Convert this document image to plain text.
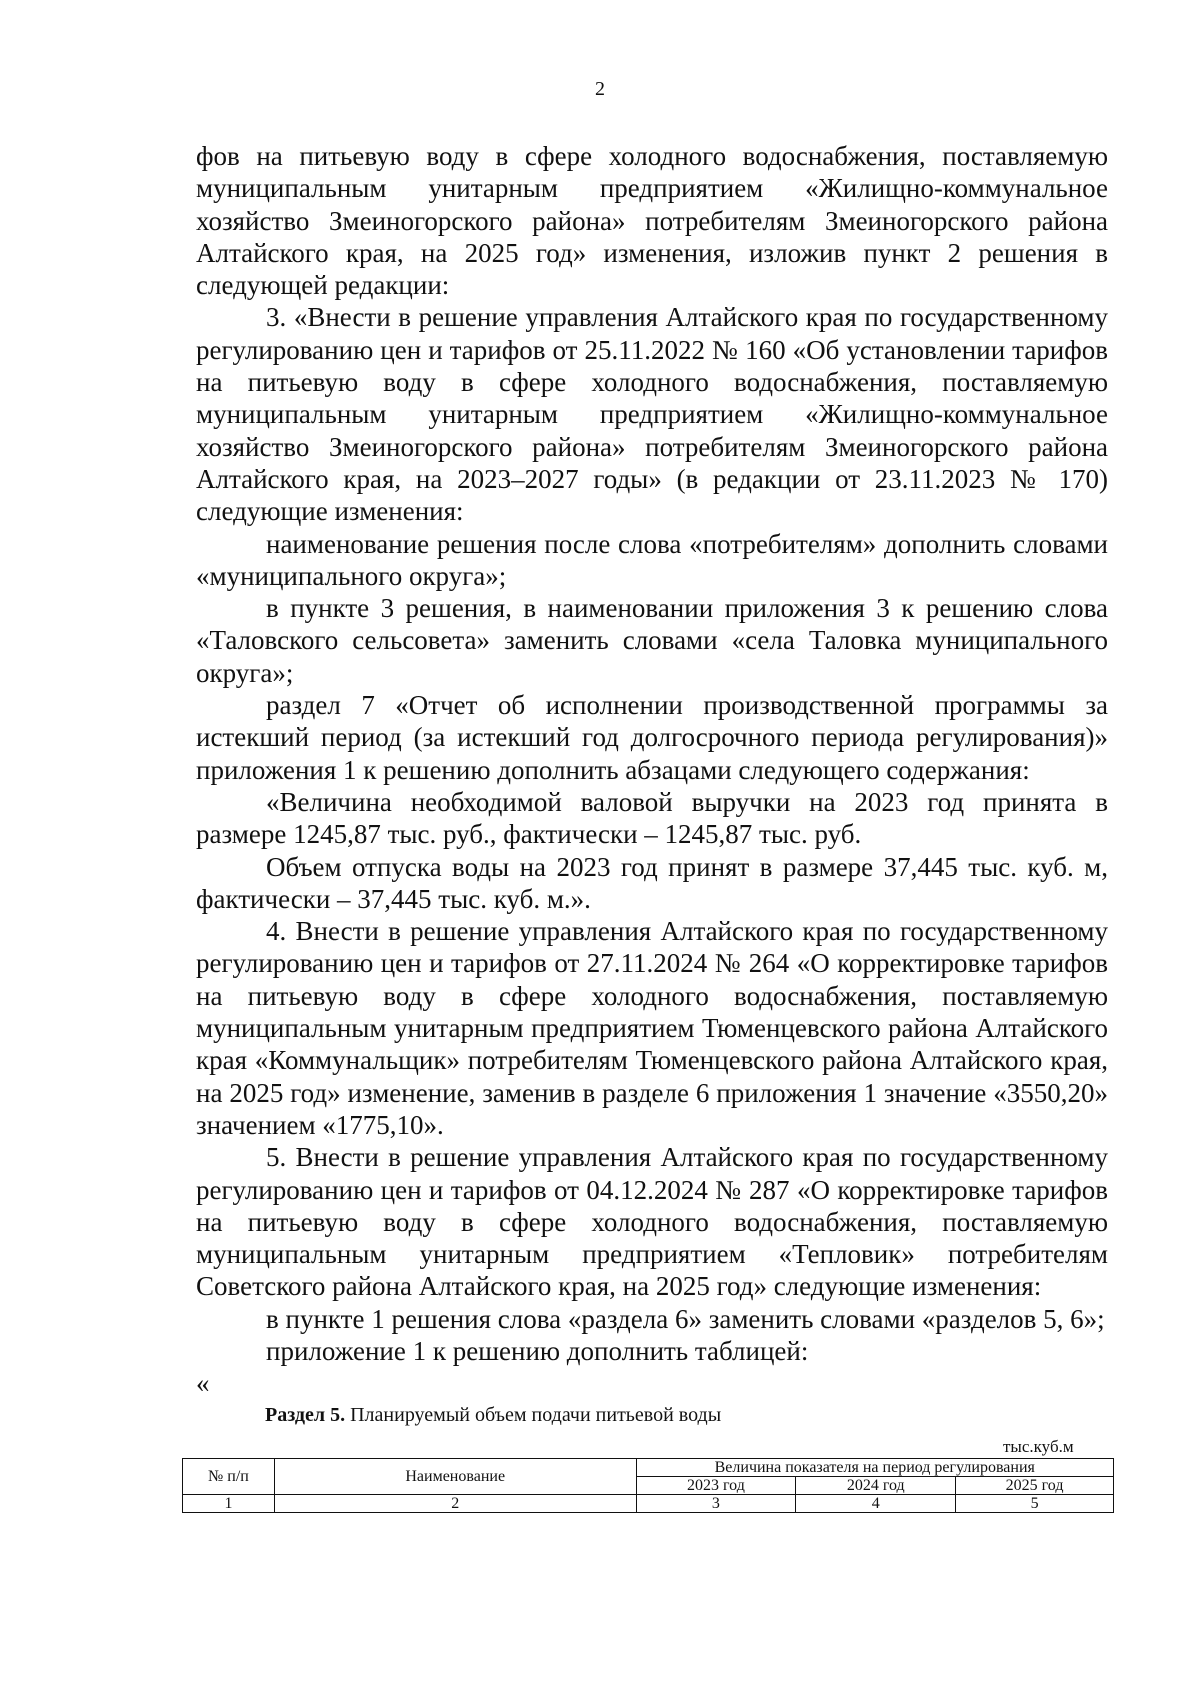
2

фов на питьевую воду в сфере холодного водоснабжения, поставляемую муниципальным унитарным предприятием «Жилищно-коммунальное хозяйство Змеиногорского района» потребителям Змеиногорского района Алтайского края, на 2025 год» изменения, изложив пункт 2 решения в следующей редакции:

3. «Внести в решение управления Алтайского края по государственному регулированию цен и тарифов от 25.11.2022 № 160 «Об установлении тарифов на питьевую воду в сфере холодного водоснабжения, поставляемую муниципальным унитарным предприятием «Жилищно-коммунальное хозяйство Змеиногорского района» потребителям Змеиногорского района Алтайского края, на 2023–2027 годы» (в редакции от 23.11.2023 № 170) следующие изменения:

наименование решения после слова «потребителям» дополнить словами «муниципального округа»;

в пункте 3 решения, в наименовании приложения 3 к решению слова «Таловского сельсовета» заменить словами «села Таловка муниципального округа»;

раздел 7 «Отчет об исполнении производственной программы за истекший период (за истекший год долгосрочного периода регулирования)» приложения 1 к решению дополнить абзацами следующего содержания:

«Величина необходимой валовой выручки на 2023 год принята в размере 1245,87 тыс. руб., фактически – 1245,87 тыс. руб.

Объем отпуска воды на 2023 год принят в размере 37,445 тыс. куб. м, фактически – 37,445 тыс. куб. м.».

4. Внести в решение управления Алтайского края по государственному регулированию цен и тарифов от 27.11.2024 № 264 «О корректировке тарифов на питьевую воду в сфере холодного водоснабжения, поставляемую муниципальным унитарным предприятием Тюменцевского района Алтайского края «Коммунальщик» потребителям Тюменцевского района Алтайского края, на 2025 год» изменение, заменив в разделе 6 приложения 1 значение «3550,20» значением «1775,10».

5. Внести в решение управления Алтайского края по государственному регулированию цен и тарифов от 04.12.2024 № 287 «О корректировке тарифов на питьевую воду в сфере холодного водоснабжения, поставляемую муниципальным унитарным предприятием «Тепловик» потребителям Советского района Алтайского края, на 2025 год» следующие изменения:

в пункте 1 решения слова «раздела 6» заменить словами «разделов 5, 6»;

приложение 1 к решению дополнить таблицей:

«

Раздел 5. Планируемый объем подачи питьевой воды
тыс.куб.м
№ п/п	Наименование	Величина показателя на период регулирования		
		2023 год	2024 год	2025 год
1	2	3	4	5
